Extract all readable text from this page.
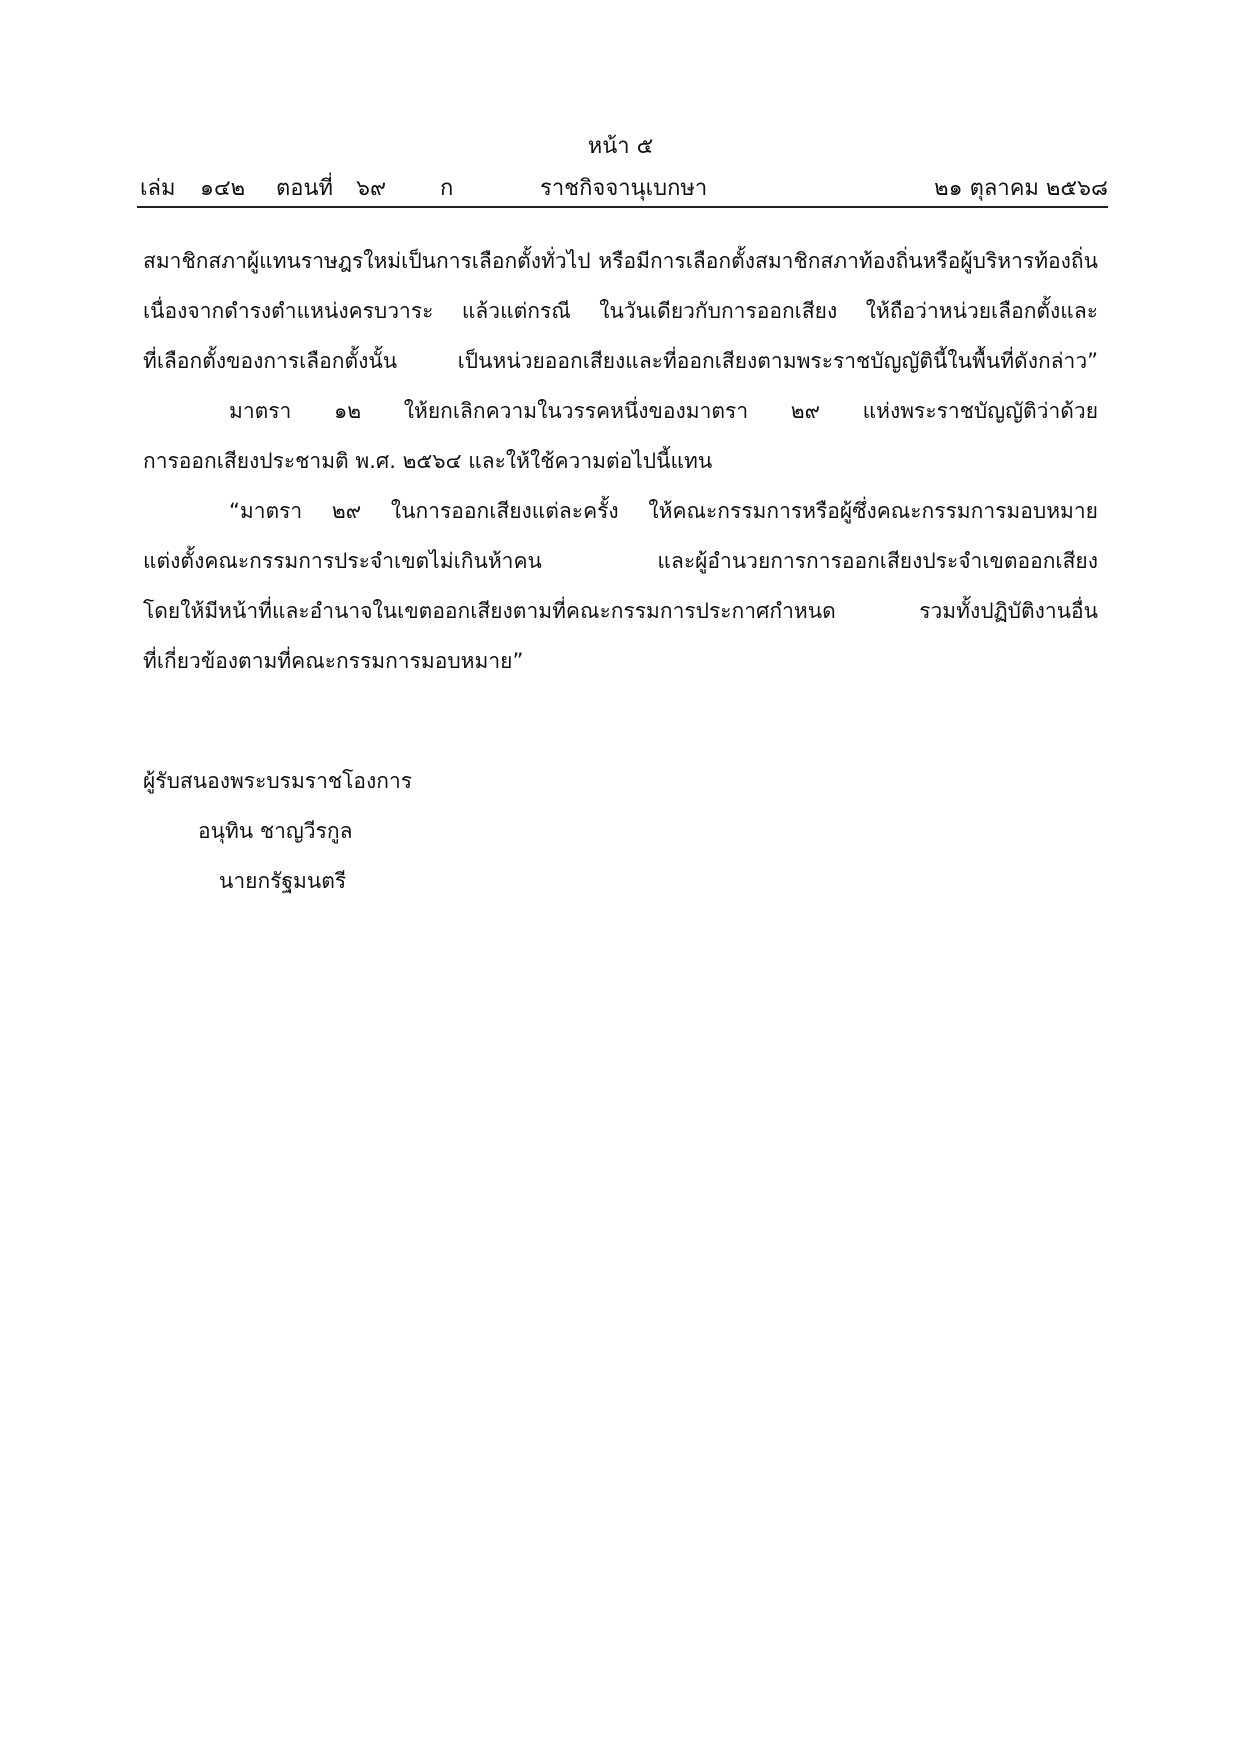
หน้า ๕
เล่ม ๑๔๒ ตอนที่ ๖๙ ก	ราชกิจจานุเบกษา	๒๑ ตุลาคม ๒๕๖๘
สมาชิกสภาผู้แทนราษฎรใหม่เป็นการเลือกตั้งทั่วไป หรือมีการเลือกตั้งสมาชิกสภาท้องถิ่นหรือผู้บริหารท้องถิ่น
เนื่องจากดำรงตำแหน่งครบวาระ แล้วแต่กรณี ในวันเดียวกับการออกเสียง ให้ถือว่าหน่วยเลือกตั้งและ
ที่เลือกตั้งของการเลือกตั้งนั้น เป็นหน่วยออกเสียงและที่ออกเสียงตามพระราชบัญญัตินี้ในพื้นที่ดังกล่าว”
มาตรา ๑๒ ให้ยกเลิกความในวรรคหนึ่งของมาตรา ๒๙ แห่งพระราชบัญญัติว่าด้วย
การออกเสียงประชามติ พ.ศ. ๒๕๖๔ และให้ใช้ความต่อไปนี้แทน
“มาตรา ๒๙ ในการออกเสียงแต่ละครั้ง ให้คณะกรรมการหรือผู้ซึ่งคณะกรรมการมอบหมาย
แต่งตั้งคณะกรรมการประจำเขตไม่เกินห้าคน และผู้อำนวยการการออกเสียงประจำเขตออกเสียง
โดยให้มีหน้าที่และอำนาจในเขตออกเสียงตามที่คณะกรรมการประกาศกำหนด รวมทั้งปฏิบัติงานอื่น
ที่เกี่ยวข้องตามที่คณะกรรมการมอบหมาย”
ผู้รับสนองพระบรมราชโองการ
อนุทิน ชาญวีรกูล
นายกรัฐมนตรี
